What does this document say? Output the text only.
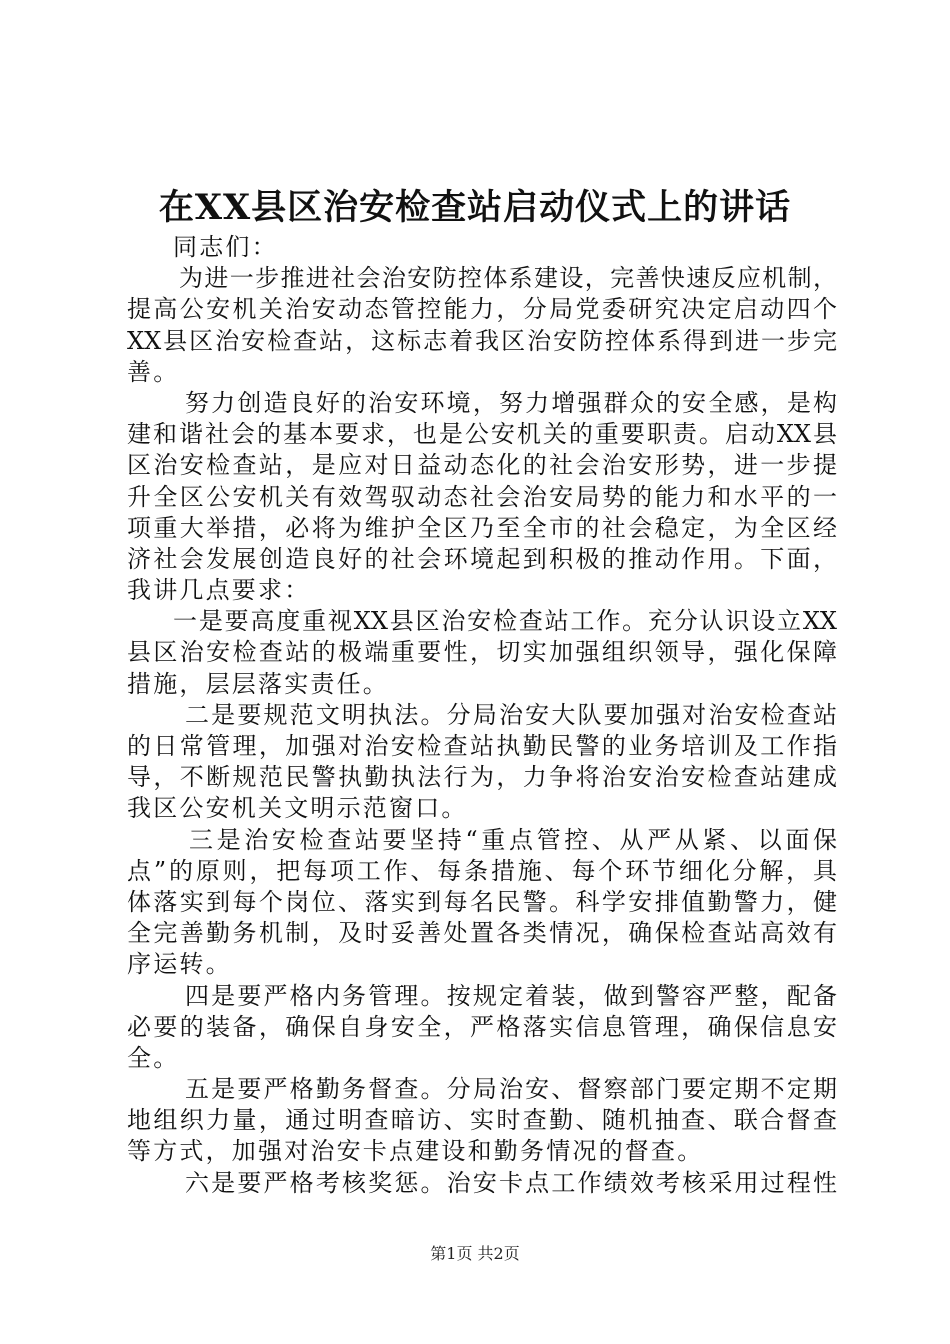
在XX县区治安检查站启动仪式上的讲话
同志们：
为进一步推进社会治安防控体系建设，完善快速反应机制，
提高公安机关治安动态管控能力，分局党委研究决定启动四个
XX县区治安检查站，这标志着我区治安防控体系得到进一步完
善。
努力创造良好的治安环境，努力增强群众的安全感，是构
建和谐社会的基本要求，也是公安机关的重要职责。启动XX县
区治安检查站，是应对日益动态化的社会治安形势，进一步提
升全区公安机关有效驾驭动态社会治安局势的能力和水平的一
项重大举措，必将为维护全区乃至全市的社会稳定，为全区经
济社会发展创造良好的社会环境起到积极的推动作用。下面，
我讲几点要求：
一是要高度重视XX县区治安检查站工作。充分认识设立XX
县区治安检查站的极端重要性，切实加强组织领导，强化保障
措施，层层落实责任。
二是要规范文明执法。分局治安大队要加强对治安检查站
的日常管理，加强对治安检查站执勤民警的业务培训及工作指
导，不断规范民警执勤执法行为，力争将治安治安检查站建成
我区公安机关文明示范窗口。
三是治安检查站要坚持“重点管控、从严从紧、以面保
点”的原则，把每项工作、每条措施、每个环节细化分解，具
体落实到每个岗位、落实到每名民警。科学安排值勤警力，健
全完善勤务机制，及时妥善处置各类情况，确保检查站高效有
序运转。
四是要严格内务管理。按规定着装，做到警容严整，配备
必要的装备，确保自身安全，严格落实信息管理，确保信息安
全。
五是要严格勤务督查。分局治安、督察部门要定期不定期
地组织力量，通过明查暗访、实时查勤、随机抽查、联合督查
等方式，加强对治安卡点建设和勤务情况的督查。
六是要严格考核奖惩。治安卡点工作绩效考核采用过程性
第1页 共2页
